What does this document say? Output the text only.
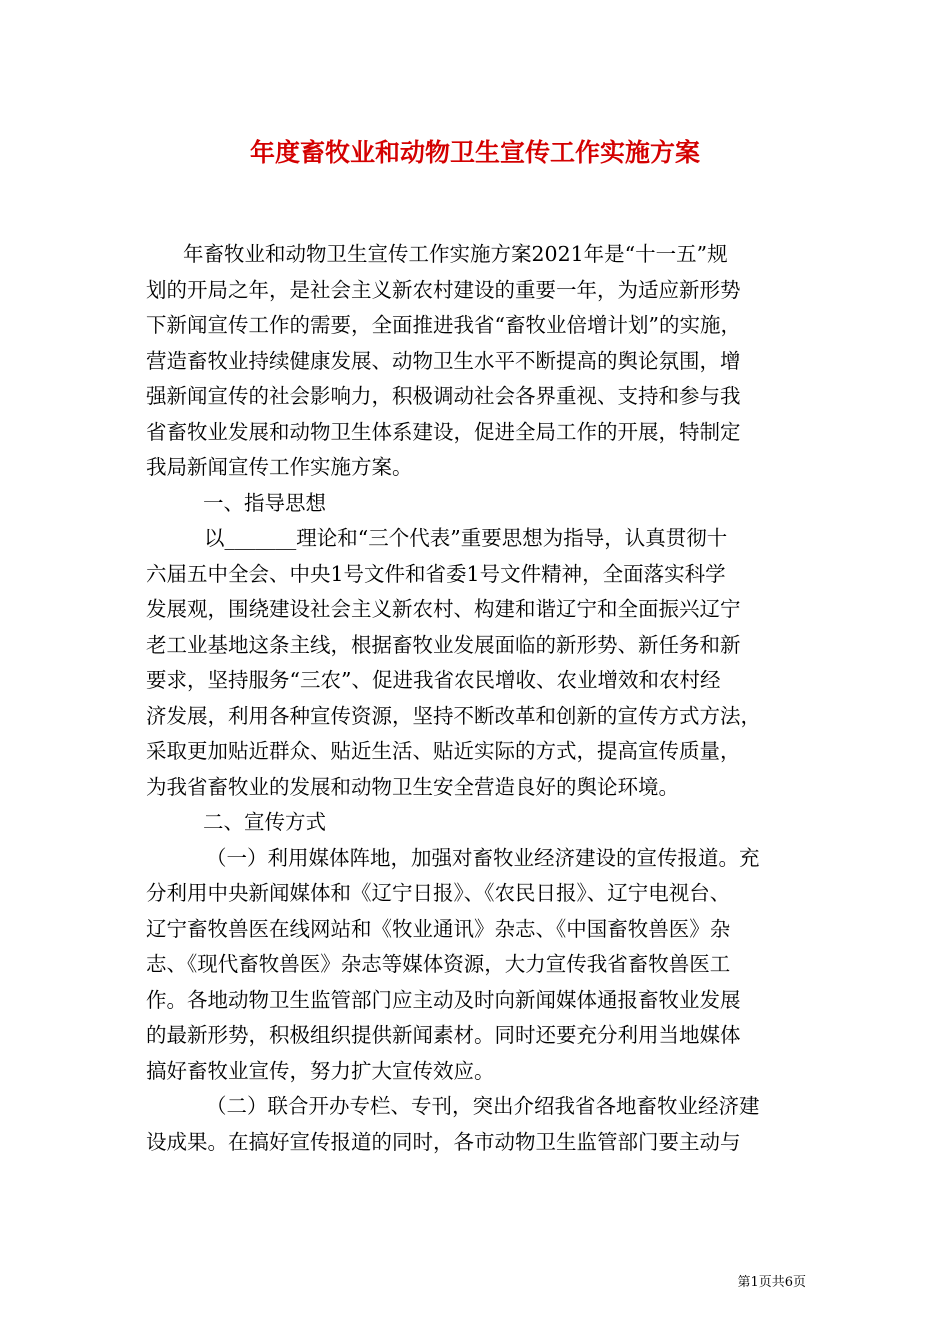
年度畜牧业和动物卫生宣传工作实施方案
年畜牧业和动物卫生宣传工作实施方案2021年是“十一五”规
划的开局之年，是社会主义新农村建设的重要一年，为适应新形势
下新闻宣传工作的需要，全面推进我省“畜牧业倍增计划”的实施，
营造畜牧业持续健康发展、动物卫生水平不断提高的舆论氛围，增
强新闻宣传的社会影响力，积极调动社会各界重视、支持和参与我
省畜牧业发展和动物卫生体系建设，促进全局工作的开展，特制定
我局新闻宣传工作实施方案。
一、指导思想
以_______理论和“三个代表”重要思想为指导，认真贯彻十
六届五中全会、中央1号文件和省委1号文件精神，全面落实科学
发展观，围绕建设社会主义新农村、构建和谐辽宁和全面振兴辽宁
老工业基地这条主线，根据畜牧业发展面临的新形势、新任务和新
要求，坚持服务“三农”、促进我省农民增收、农业增效和农村经
济发展，利用各种宣传资源，坚持不断改革和创新的宣传方式方法，
采取更加贴近群众、贴近生活、贴近实际的方式，提高宣传质量，
为我省畜牧业的发展和动物卫生安全营造良好的舆论环境。
二、宣传方式
（一）利用媒体阵地，加强对畜牧业经济建设的宣传报道。充
分利用中央新闻媒体和《辽宁日报》、《农民日报》、辽宁电视台、
辽宁畜牧兽医在线网站和《牧业通讯》杂志、《中国畜牧兽医》杂
志、《现代畜牧兽医》杂志等媒体资源，大力宣传我省畜牧兽医工
作。各地动物卫生监管部门应主动及时向新闻媒体通报畜牧业发展
的最新形势，积极组织提供新闻素材。同时还要充分利用当地媒体
搞好畜牧业宣传，努力扩大宣传效应。
（二）联合开办专栏、专刊，突出介绍我省各地畜牧业经济建
设成果。在搞好宣传报道的同时，各市动物卫生监管部门要主动与
第1页共6页
